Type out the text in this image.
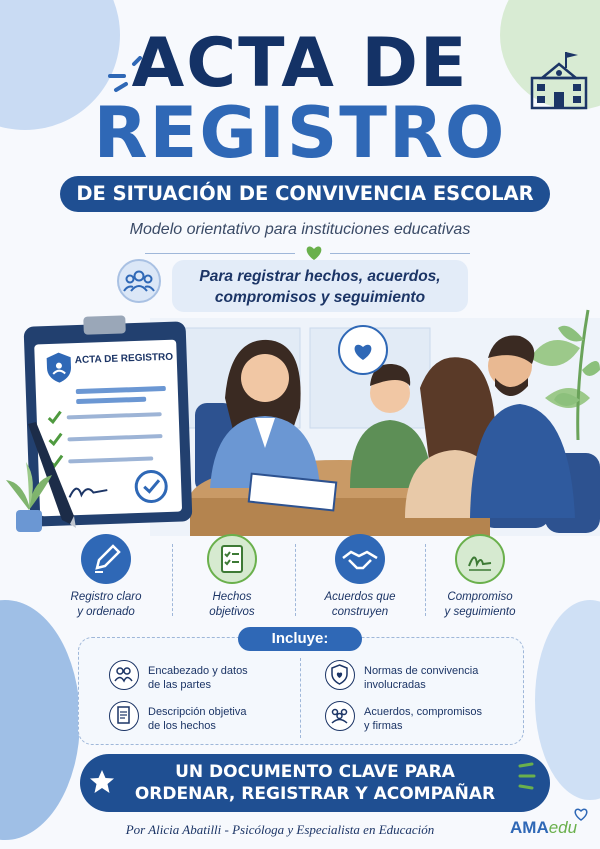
ACTA DE
REGISTRO
DE SITUACIÓN DE CONVIVENCIA ESCOLAR
Modelo orientativo para instituciones educativas
Para registrar hechos, acuerdos,
compromisos y seguimiento
ACTA DE REGISTRO
Registro claro
y ordenado
Hechos
objetivos
Acuerdos que
construyen
Compromiso
y seguimiento
Incluye:
Encabezado y datos
de las partes
Normas de convivencia
involucradas
Descripción objetiva
de los hechos
Acuerdos, compromisos
y firmas
UN DOCUMENTO CLAVE PARA
ORDENAR, REGISTRAR Y ACOMPAÑAR
Por Alicia Abatilli - Psicóloga y Especialista en Educación	AMAedu
